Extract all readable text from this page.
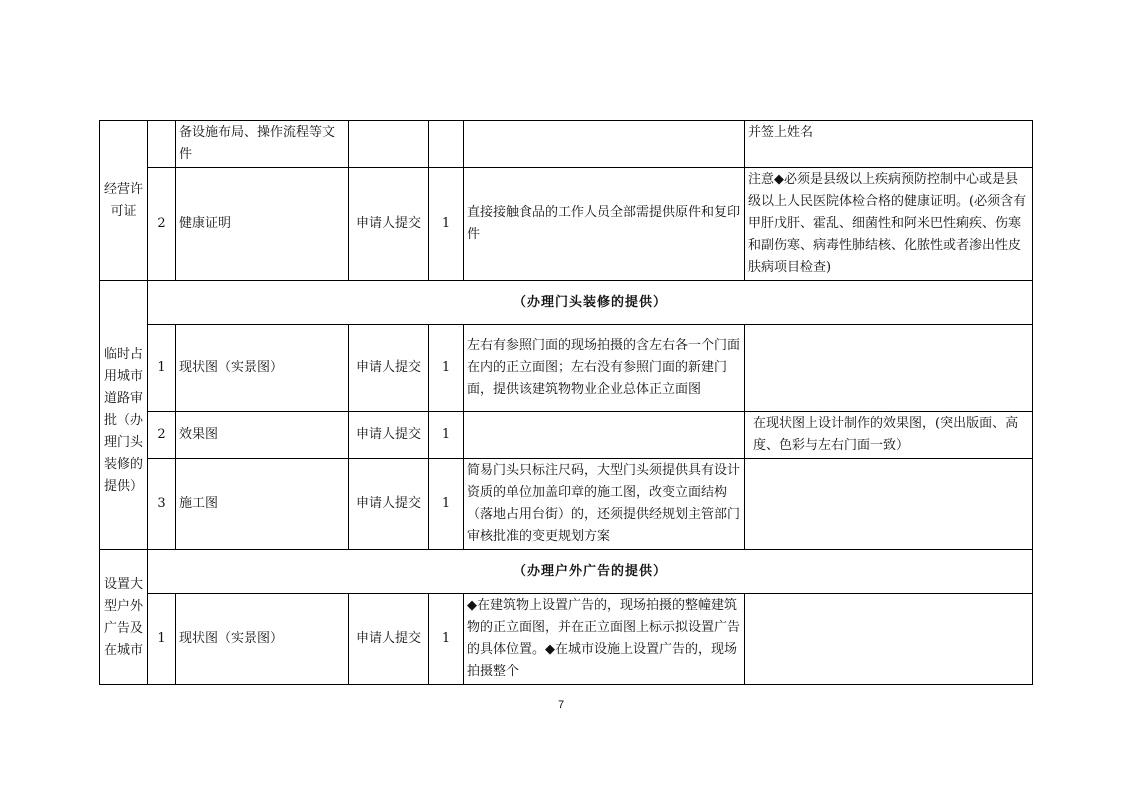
经营许可证		备设施布局、操作流程等文件				并签上姓名
	2	健康证明	申请人提交	1	直接接触食品的工作人员全部需提供原件和复印件	注意◆必须是县级以上疾病预防控制中心或是县级以上人民医院体检合格的健康证明。(必须含有甲肝戊肝、霍乱、细菌性和阿米巴性痢疾、伤寒和副伤寒、病毒性肺结核、化脓性或者渗出性皮肤病项目检查)
临时占用城市道路审批（办理门头装修的提供）	（办理门头装修的提供）					
	1	现状图（实景图）	申请人提交	1	左右有参照门面的现场拍摄的含左右各一个门面在内的正立面图；左右没有参照门面的新建门面，提供该建筑物物业企业总体正立面图	
	2	效果图	申请人提交	1		在现状图上设计制作的效果图，(突出版面、高度、色彩与左右门面一致）
	3	施工图	申请人提交	1	简易门头只标注尺码，大型门头须提供具有设计资质的单位加盖印章的施工图，改变立面结构（落地占用台街）的，还须提供经规划主管部门审核批准的变更规划方案	
设置大型户外广告及在城市	（办理户外广告的提供）					
	1	现状图（实景图）	申请人提交	1	◆在建筑物上设置广告的，现场拍摄的整幢建筑物的正立面图，并在正立面图上标示拟设置广告的具体位置。◆在城市设施上设置广告的，现场拍摄整个	
7
